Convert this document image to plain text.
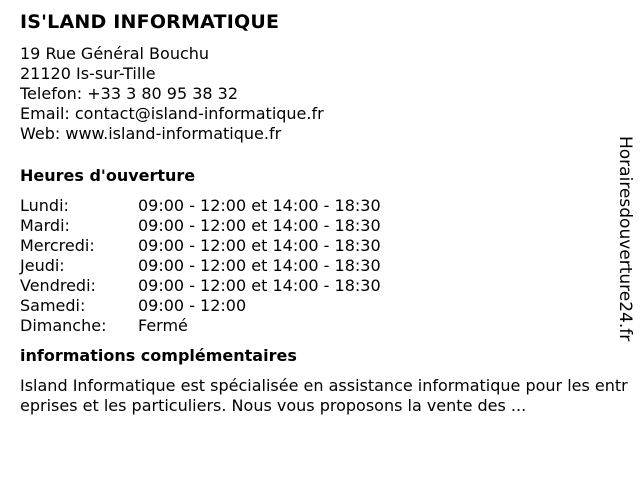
IS'LAND INFORMATIQUE
19 Rue Général Bouchu
21120 Is-sur-Tille
Telefon: +33 3 80 95 38 32
Email: contact@island-informatique.fr
Web: www.island-informatique.fr
Heures d'ouverture
Lundi:	09:00 - 12:00 et 14:00 - 18:30
Mardi:	09:00 - 12:00 et 14:00 - 18:30
Mercredi:	09:00 - 12:00 et 14:00 - 18:30
Jeudi:	09:00 - 12:00 et 14:00 - 18:30
Vendredi:	09:00 - 12:00 et 14:00 - 18:30
Samedi:	09:00 - 12:00
Dimanche:	Fermé
informations complémentaires

Island Informatique est spécialisée en assistance informatique pour les entreprises et les particuliers. Nous vous proposons la vente des ...

Horairesdouverture24.fr
